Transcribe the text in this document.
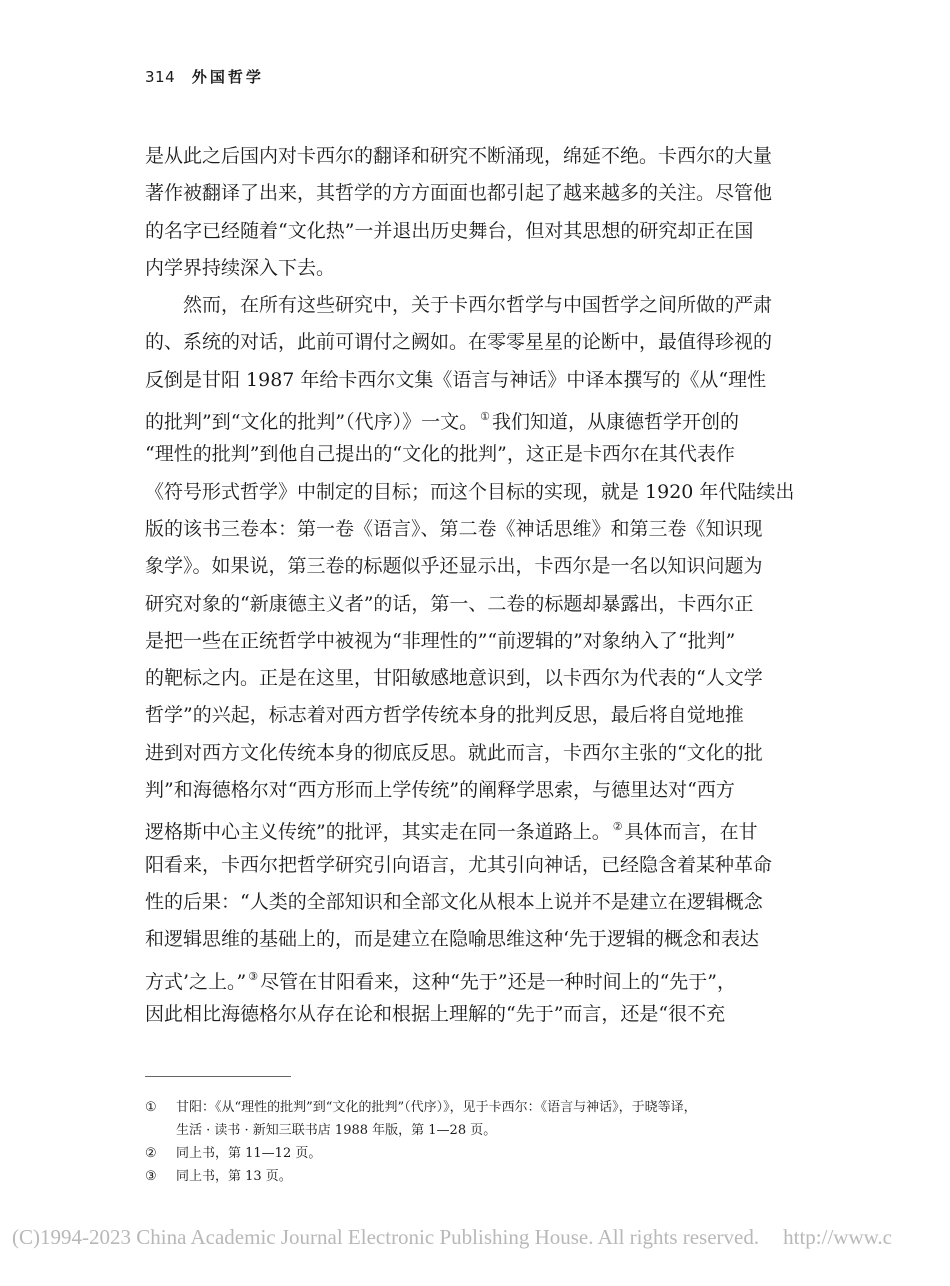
314 外国哲学
是从此之后国内对卡西尔的翻译和研究不断涌现，绵延不绝。卡西尔的大量
著作被翻译了出来，其哲学的方方面面也都引起了越来越多的关注。尽管他
的名字已经随着“文化热”一并退出历史舞台，但对其思想的研究却正在国
内学界持续深入下去。
　　然而，在所有这些研究中，关于卡西尔哲学与中国哲学之间所做的严肃
的、系统的对话，此前可谓付之阙如。在零零星星的论断中，最值得珍视的
反倒是甘阳 1987 年给卡西尔文集《语言与神话》中译本撰写的《从“理性
的批判”到“文化的批判”（代序）》一文。 ① 我们知道，从康德哲学开创的
“理性的批判”到他自己提出的“文化的批判”，这正是卡西尔在其代表作
《符号形式哲学》中制定的目标；而这个目标的实现，就是 1920 年代陆续出
版的该书三卷本：第一卷《语言》、第二卷《神话思维》和第三卷《知识现
象学》。如果说，第三卷的标题似乎还显示出，卡西尔是一名以知识问题为
研究对象的“新康德主义者”的话，第一、二卷的标题却暴露出，卡西尔正
是把一些在正统哲学中被视为“非理性的”“前逻辑的”对象纳入了“批判”
的靶标之内。正是在这里，甘阳敏感地意识到，以卡西尔为代表的“人文学
哲学”的兴起，标志着对西方哲学传统本身的批判反思，最后将自觉地推
进到对西方文化传统本身的彻底反思。就此而言，卡西尔主张的“文化的批
判”和海德格尔对“西方形而上学传统”的阐释学思索，与德里达对“西方
逻格斯中心主义传统”的批评，其实走在同一条道路上。 ② 具体而言，在甘
阳看来，卡西尔把哲学研究引向语言，尤其引向神话，已经隐含着某种革命
性的后果：“人类的全部知识和全部文化从根本上说并不是建立在逻辑概念
和逻辑思维的基础上的，而是建立在隐喻思维这种‘先于逻辑的概念和表达
方式’之上。” ③ 尽管在甘阳看来，这种“先于”还是一种时间上的“先于”，
因此相比海德格尔从存在论和根据上理解的“先于”而言，还是“很不充
①	甘阳：《从“理性的批判”到“文化的批判”（代序）》，见于卡西尔：《语言与神话》，于晓等译，
生活 · 读书 · 新知三联书店 1988 年版，第 1—28 页。
②	同上书，第 11—12 页。
③	同上书，第 13 页。
(C)1994-2023 China Academic Journal Electronic Publishing House. All rights reserved. http://www.c
